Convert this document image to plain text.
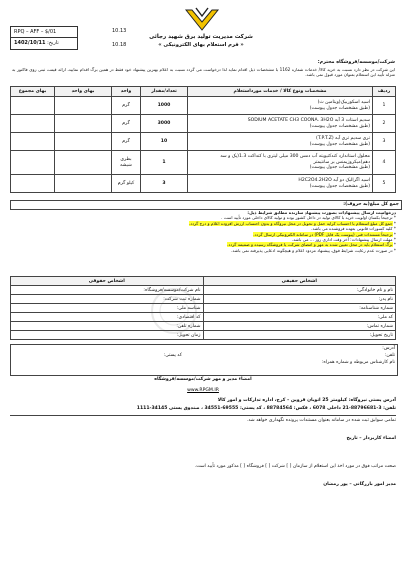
شرکت مدیریت تولید برق شهید رجائی
« فرم استعلام بهای الکترونیکی »
RPQ – AFF – $/01
تاریخ: 1402/10/11
10.13
10.18
شرکت/موسسه/فروشگاه محترم:
این شرکت در نظر دارد نسبت به خرید کالا/ خدمات شماره 1162 با مشخصات ذیل اقدام نماید لذا درخواست می گردد نسبت به اعلام بهترین پیشنهاد خود فقط در همین برگ اقدام نمایید، ارائه قیمت ثبتی روی فاکتور به منزله تأیید این استعلام بعنوان مورد قبول نمی باشد.
ردیف	مشخصات ونوع کالا / خدمات مورداستعلام	تعداد/مقدار	واحد	بهای واحد	بهای مجموع
1	اسید اسکوربیک(ویتامین ث)
(طبق مشخصات جدول پیوست)	1000	گرم		
2	سدیم استات 3 آبه SODIUM ACETATE CH3 COONA. 3H2O
(طبق مشخصات جدول پیوست)	3000	گرم		
3	تری سدیم تری آبه (T.P.T.Z)
(طبق مشخصات جدول پیوست)	10	گرم		
4	محلول استاندارد کندکتیویته آب دمس 300 میلی لیتری با کنداکت 1.3(یک و سه دهم)میکروزیمنس بر سانتیمتر
(طبق مشخصات جدول پیوست)	1	بطری شیشه		
5	اسید اگزالیک دو آبه H2C2O4.2H2O
(طبق مشخصات جدول پیوست)	3	کیلو گرم		
جمع کل مبلغ(به حروف):
درخواست ارسال پیشنهادات بصورت پیشنهاد سازنده مطابق شرایط ذیل:
* ترجیحاً بکسان اولویت خرید با کالای تولید در داخل کشور بوده و تولید کالای داخلی مورد تأیید است .
* جمع کل مبلغ استعلام با احتساب کرایه حمل و تحویل در محل نیروگاه و بدون احتساب ارزش افزوده اعلام و درج گردد.
* کلیه کسورات قانونی بعهده فروشنده می باشد.
* ترجیحاً مستندات فنی (پیوست یک فایل PDF) در سامانه الکترونیکی ارسال گردد.
* مهلت ارسال پیشنهادات: آخر وقت اداری روز ... می باشد.
* برگ استعلام باید در محل تعیین شده به مهر و امضای شرکت یا فروشگاه رسیده و ضمیمه گردد.
* در صورت عدم رعایت شرایط فوق، پیشنهاد مردود اعلام و هیچگونه ادعایی پذیرفته نمی باشد.
اشخاص حقیقی	اشخاص حقوقی
نام و نام خانوادگی:	نام شرکت/موسسه/فروشگاه:
نام پدر:	شماره ثبت شرکت:
شماره شناسنامه:	شناسه ملی:
کد ملی:	کد اقتصادی:
شماره تماس:	شماره تلفن:
تاریخ تحویل:	زمان تحویل:
آدرس:
تلفن:  کد پستی:
نام کارشناس مربوطه و شماره همراه:
امضاء مدیر و مهر شرکت/موسسه/فروشگاه
www.RPGM.IR
آدرس پستی نیروگاه: کیلومتر 25 اتوبان قزوین – کرج، اداره تدارکات و امور کالا
تلفن: 3-88796681-21 داخلی 6078 ، فکس: 88784564 ، کد پستی: 69555-34551 ، صندوق پستی 34145-1111
تمامی سوابق ثبت شده در سامانه بعنوان مستندات پرونده نگهداری خواهد شد.
امضاء کاربردار – تاریخ
صحت مراتب فوق در مورد اخذ این استعلام از سازمان [ ] شرکت [ ] فروشگاه [ ] مذکور مورد تأیید است.
مدیر امور بازرگانی – پور رمضان
